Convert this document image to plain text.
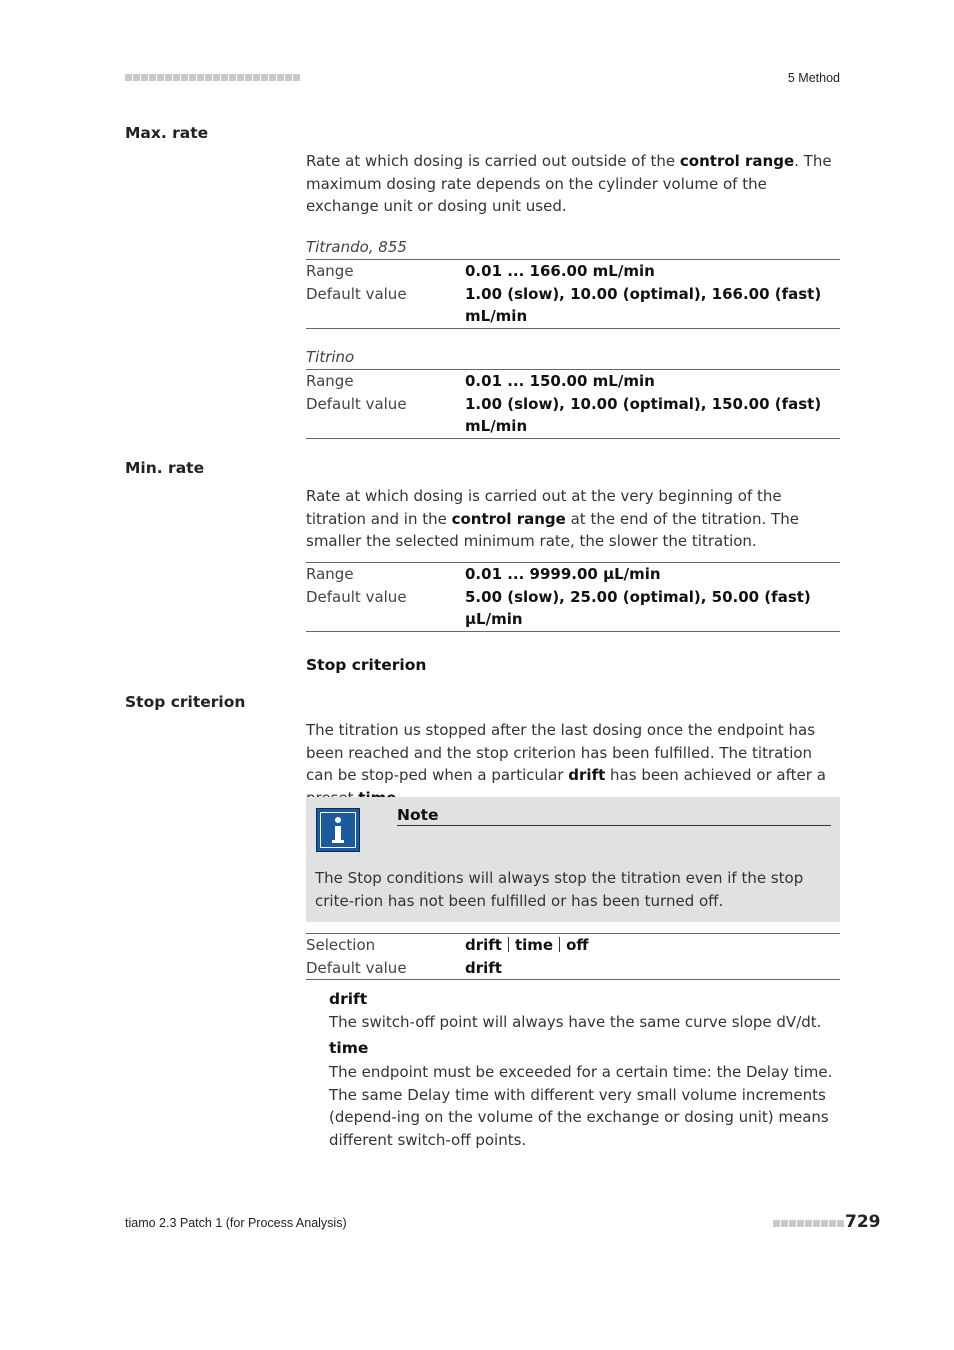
5 Method
Max. rate
Rate at which dosing is carried out outside of the control range. The maximum dosing rate depends on the cylinder volume of the exchange unit or dosing unit used.
Titrando, 855
Range	0.01 ... 166.00 mL/min
Default value	1.00 (slow), 10.00 (optimal), 166.00 (fast) mL/min
Titrino
Range	0.01 ... 150.00 mL/min
Default value	1.00 (slow), 10.00 (optimal), 150.00 (fast) mL/min
Min. rate
Rate at which dosing is carried out at the very beginning of the titration and in the control range at the end of the titration. The smaller the selected minimum rate, the slower the titration.
Range	0.01 ... 9999.00 µL/min
Default value	5.00 (slow), 25.00 (optimal), 50.00 (fast) µL/min
Stop criterion
Stop criterion
The titration us stopped after the last dosing once the endpoint has been reached and the stop criterion has been fulfilled. The titration can be stop-ped when a particular drift has been achieved or after a
Note
The Stop conditions will always stop the titration even if the stop crite-rion has not been fulfilled or has been turned off.
Selection	drift time off
Default value	drift
drift
The switch-off point will always have the same curve slope dV/dt.
time
The endpoint must be exceeded for a certain time: the Delay time. The same Delay time with different very small volume increments (depend-ing on the volume of the exchange or dosing unit) means different switch-off points.
tiamo 2.3 Patch 1 (for Process Analysis)	729
